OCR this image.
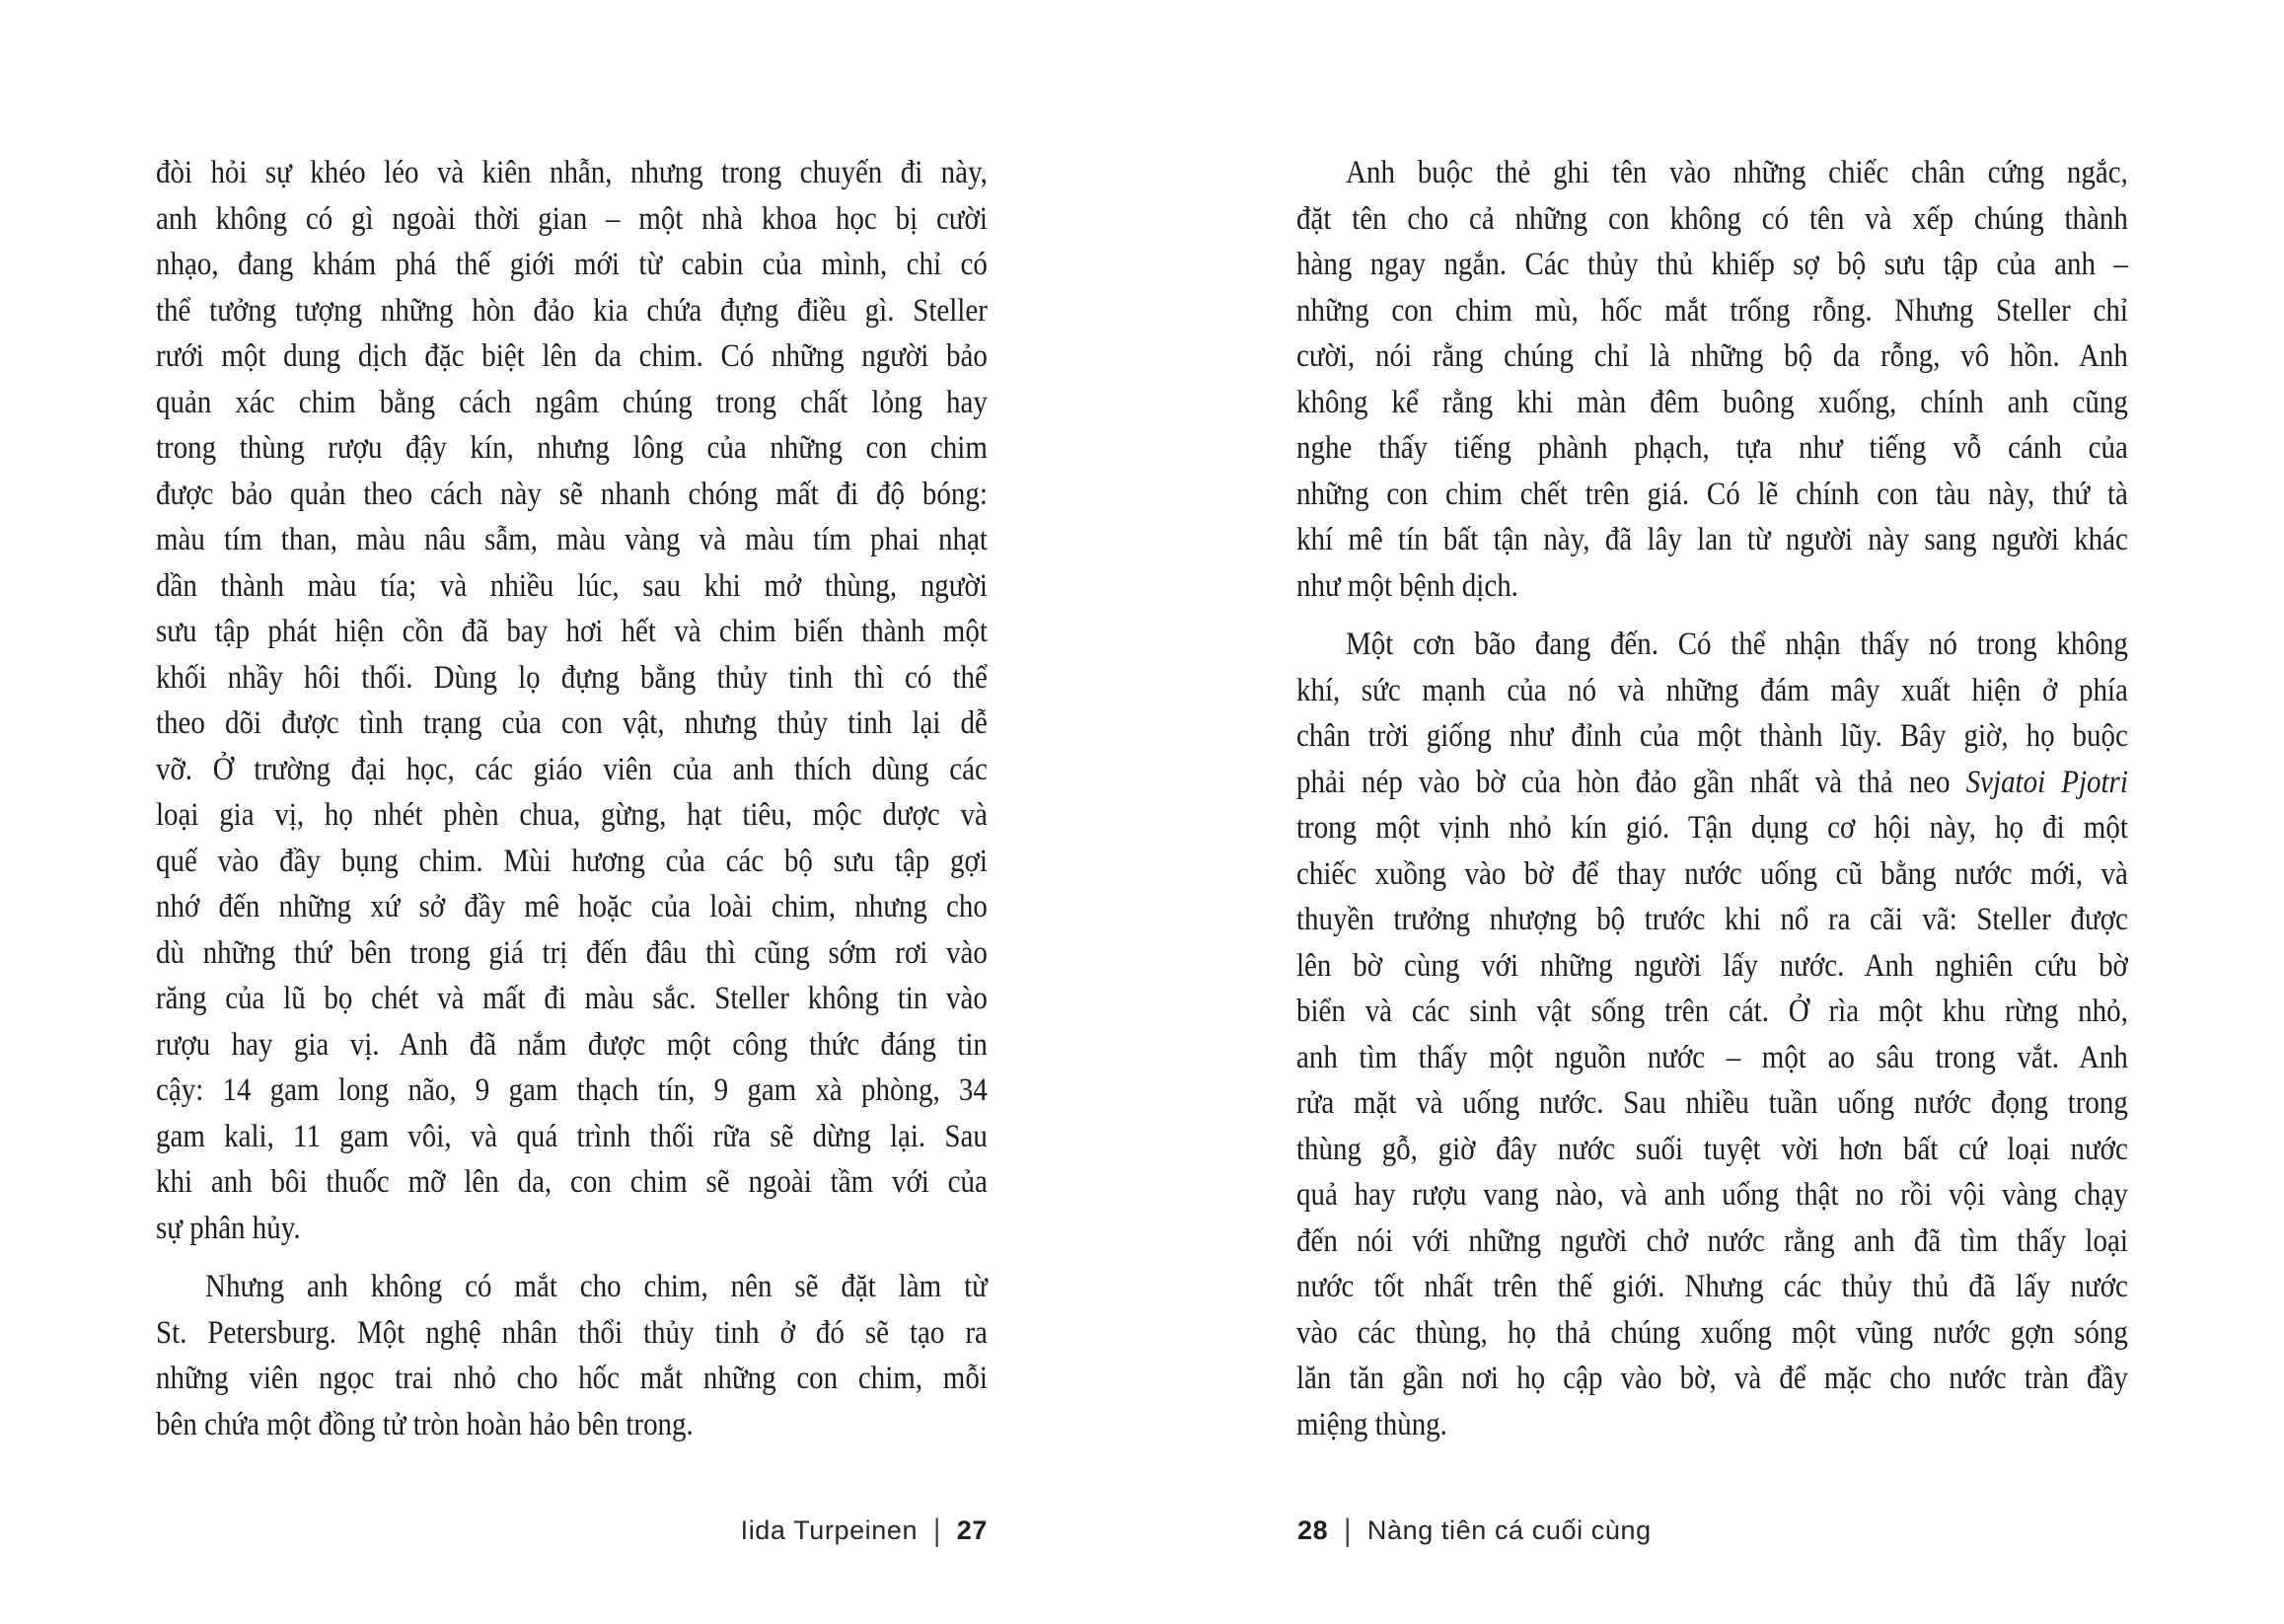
đòi hỏi sự khéo léo và kiên nhẫn, nhưng trong chuyến đi này,
anh không có gì ngoài thời gian – một nhà khoa học bị cười
nhạo, đang khám phá thế giới mới từ cabin của mình, chỉ có
thể tưởng tượng những hòn đảo kia chứa đựng điều gì. Steller
rưới một dung dịch đặc biệt lên da chim. Có những người bảo
quản xác chim bằng cách ngâm chúng trong chất lỏng hay
trong thùng rượu đậy kín, nhưng lông của những con chim
được bảo quản theo cách này sẽ nhanh chóng mất đi độ bóng:
màu tím than, màu nâu sẫm, màu vàng và màu tím phai nhạt
dần thành màu tía; và nhiều lúc, sau khi mở thùng, người
sưu tập phát hiện cồn đã bay hơi hết và chim biến thành một
khối nhầy hôi thối. Dùng lọ đựng bằng thủy tinh thì có thể
theo dõi được tình trạng của con vật, nhưng thủy tinh lại dễ
vỡ. Ở trường đại học, các giáo viên của anh thích dùng các
loại gia vị, họ nhét phèn chua, gừng, hạt tiêu, mộc dược và
quế vào đầy bụng chim. Mùi hương của các bộ sưu tập gợi
nhớ đến những xứ sở đầy mê hoặc của loài chim, nhưng cho
dù những thứ bên trong giá trị đến đâu thì cũng sớm rơi vào
răng của lũ bọ chét và mất đi màu sắc. Steller không tin vào
rượu hay gia vị. Anh đã nắm được một công thức đáng tin
cậy: 14 gam long não, 9 gam thạch tín, 9 gam xà phòng, 34
gam kali, 11 gam vôi, và quá trình thối rữa sẽ dừng lại. Sau
khi anh bôi thuốc mỡ lên da, con chim sẽ ngoài tầm với của
sự phân hủy.
Nhưng anh không có mắt cho chim, nên sẽ đặt làm từ
St. Petersburg. Một nghệ nhân thổi thủy tinh ở đó sẽ tạo ra
những viên ngọc trai nhỏ cho hốc mắt những con chim, mỗi
bên chứa một đồng tử tròn hoàn hảo bên trong.
Iida Turpeinen | 27
Anh buộc thẻ ghi tên vào những chiếc chân cứng ngắc,
đặt tên cho cả những con không có tên và xếp chúng thành
hàng ngay ngắn. Các thủy thủ khiếp sợ bộ sưu tập của anh –
những con chim mù, hốc mắt trống rỗng. Nhưng Steller chỉ
cười, nói rằng chúng chỉ là những bộ da rỗng, vô hồn. Anh
không kể rằng khi màn đêm buông xuống, chính anh cũng
nghe thấy tiếng phành phạch, tựa như tiếng vỗ cánh của
những con chim chết trên giá. Có lẽ chính con tàu này, thứ tà
khí mê tín bất tận này, đã lây lan từ người này sang người khác
như một bệnh dịch.
Một cơn bão đang đến. Có thể nhận thấy nó trong không
khí, sức mạnh của nó và những đám mây xuất hiện ở phía
chân trời giống như đỉnh của một thành lũy. Bây giờ, họ buộc
phải nép vào bờ của hòn đảo gần nhất và thả neo Svjatoi Pjotri
trong một vịnh nhỏ kín gió. Tận dụng cơ hội này, họ đi một
chiếc xuồng vào bờ để thay nước uống cũ bằng nước mới, và
thuyền trưởng nhượng bộ trước khi nổ ra cãi vã: Steller được
lên bờ cùng với những người lấy nước. Anh nghiên cứu bờ
biển và các sinh vật sống trên cát. Ở rìa một khu rừng nhỏ,
anh tìm thấy một nguồn nước – một ao sâu trong vắt. Anh
rửa mặt và uống nước. Sau nhiều tuần uống nước đọng trong
thùng gỗ, giờ đây nước suối tuyệt vời hơn bất cứ loại nước
quả hay rượu vang nào, và anh uống thật no rồi vội vàng chạy
đến nói với những người chở nước rằng anh đã tìm thấy loại
nước tốt nhất trên thế giới. Nhưng các thủy thủ đã lấy nước
vào các thùng, họ thả chúng xuống một vũng nước gợn sóng
lăn tăn gần nơi họ cập vào bờ, và để mặc cho nước tràn đầy
miệng thùng.
28 | Nàng tiên cá cuối cùng
